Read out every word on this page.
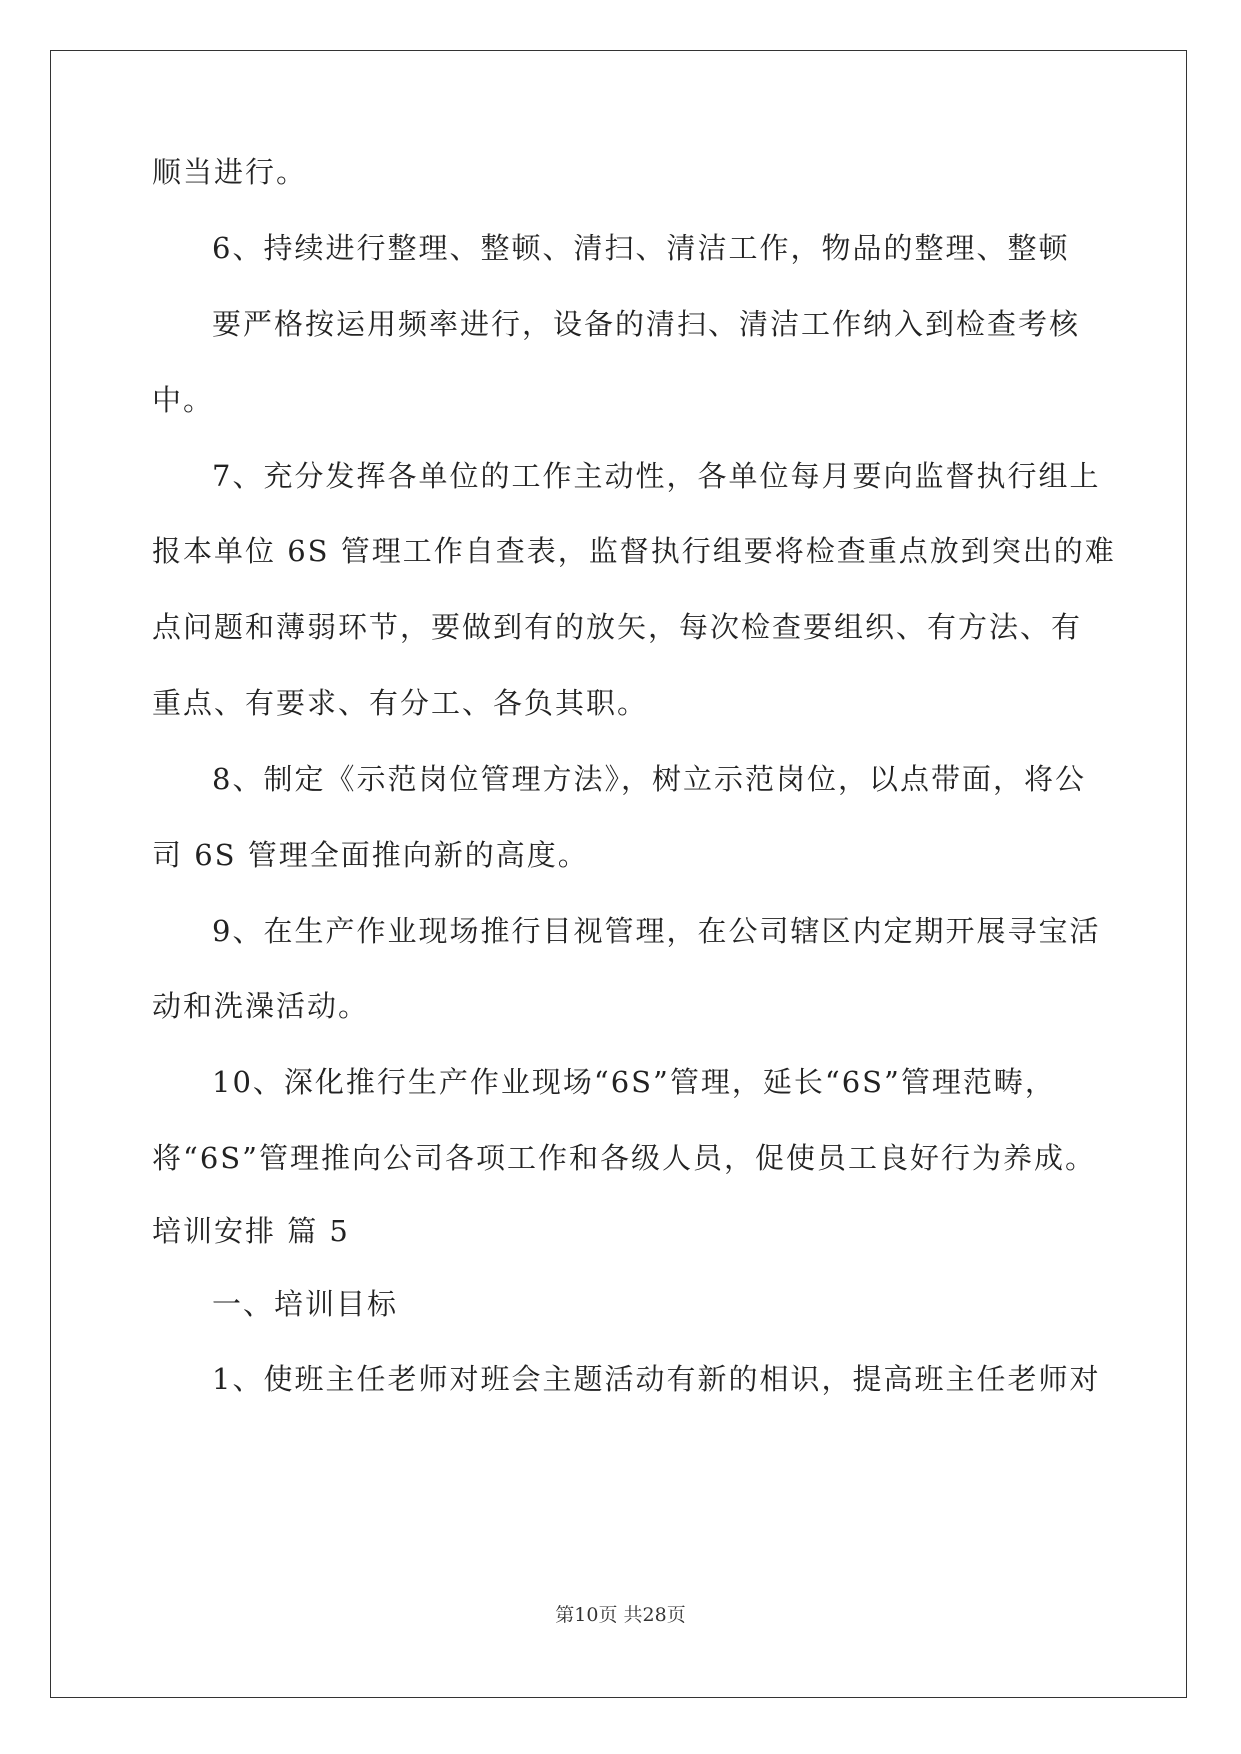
顺当进行。
6、持续进行整理、整顿、清扫、清洁工作，物品的整理、整顿
要严格按运用频率进行，设备的清扫、清洁工作纳入到检查考核
中。
7、充分发挥各单位的工作主动性，各单位每月要向监督执行组上
报本单位 6S 管理工作自查表，监督执行组要将检查重点放到突出的难
点问题和薄弱环节，要做到有的放矢，每次检查要组织、有方法、有
重点、有要求、有分工、各负其职。
8、制定《示范岗位管理方法》，树立示范岗位，以点带面，将公
司 6S 管理全面推向新的高度。
9、在生产作业现场推行目视管理，在公司辖区内定期开展寻宝活
动和洗澡活动。
10、深化推行生产作业现场“6S”管理，延长“6S”管理范畴，
将“6S”管理推向公司各项工作和各级人员，促使员工良好行为养成。
培训安排 篇 5
一、培训目标
1、使班主任老师对班会主题活动有新的相识，提高班主任老师对
第10页 共28页
